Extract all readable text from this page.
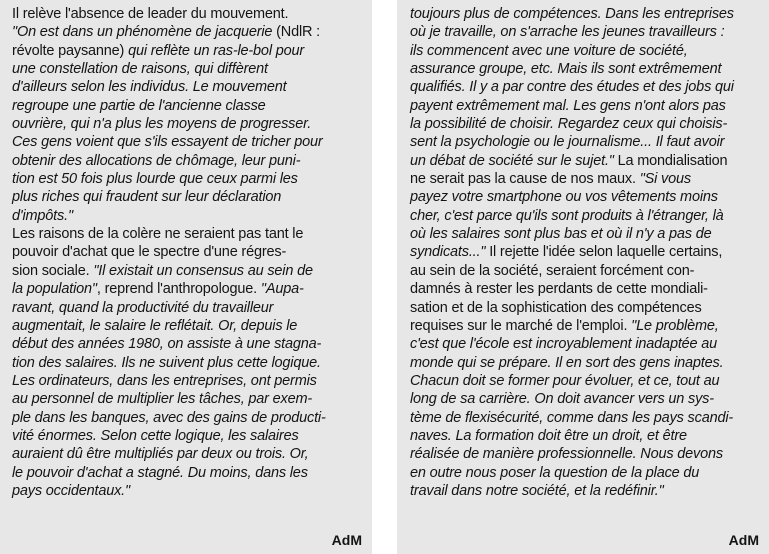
Il relève l'absence de leader du mouvement.
"On est dans un phénomène de jacquerie (NdlR :
révolte paysanne) qui reflète un ras-le-bol pour
une constellation de raisons, qui diffèrent
d'ailleurs selon les individus. Le mouvement
regroupe une partie de l'ancienne classe
ouvrière, qui n'a plus les moyens de progresser.
Ces gens voient que s'ils essayent de tricher pour
obtenir des allocations de chômage, leur puni-
tion est 50 fois plus lourde que ceux parmi les
plus riches qui fraudent sur leur déclaration
d'impôts."
Les raisons de la colère ne seraient pas tant le
pouvoir d'achat que le spectre d'une régres-
sion sociale. "Il existait un consensus au sein de
la population", reprend l'anthropologue. "Aupa-
ravant, quand la productivité du travailleur
augmentait, le salaire le reflétait. Or, depuis le
début des années 1980, on assiste à une stagna-
tion des salaires. Ils ne suivent plus cette logique.
Les ordinateurs, dans les entreprises, ont permis
au personnel de multiplier les tâches, par exem-
ple dans les banques, avec des gains de producti-
vité énormes. Selon cette logique, les salaires
auraient dû être multipliés par deux ou trois. Or,
le pouvoir d'achat a stagné. Du moins, dans les
pays occidentaux."
AdM
toujours plus de compétences. Dans les entreprises
où je travaille, on s'arrache les jeunes travailleurs :
ils commencent avec une voiture de société,
assurance groupe, etc. Mais ils sont extrêmement
qualifiés. Il y a par contre des études et des jobs qui
payent extrêmement mal. Les gens n'ont alors pas
la possibilité de choisir. Regardez ceux qui choisis-
sent la psychologie ou le journalisme... Il faut avoir
un débat de société sur le sujet." La mondialisation
ne serait pas la cause de nos maux. "Si vous
payez votre smartphone ou vos vêtements moins
cher, c'est parce qu'ils sont produits à l'étranger, là
où les salaires sont plus bas et où il n'y a pas de
syndicats..." Il rejette l'idée selon laquelle certains,
au sein de la société, seraient forcément con-
damnés à rester les perdants de cette mondiali-
sation et de la sophistication des compétences
requises sur le marché de l'emploi. "Le problème,
c'est que l'école est incroyablement inadaptée au
monde qui se prépare. Il en sort des gens inaptes.
Chacun doit se former pour évoluer, et ce, tout au
long de sa carrière. On doit avancer vers un sys-
tème de flexisécurité, comme dans les pays scandi-
naves. La formation doit être un droit, et être
réalisée de manière professionnelle. Nous devons
en outre nous poser la question de la place du
travail dans notre société, et la redéfinir."
AdM
